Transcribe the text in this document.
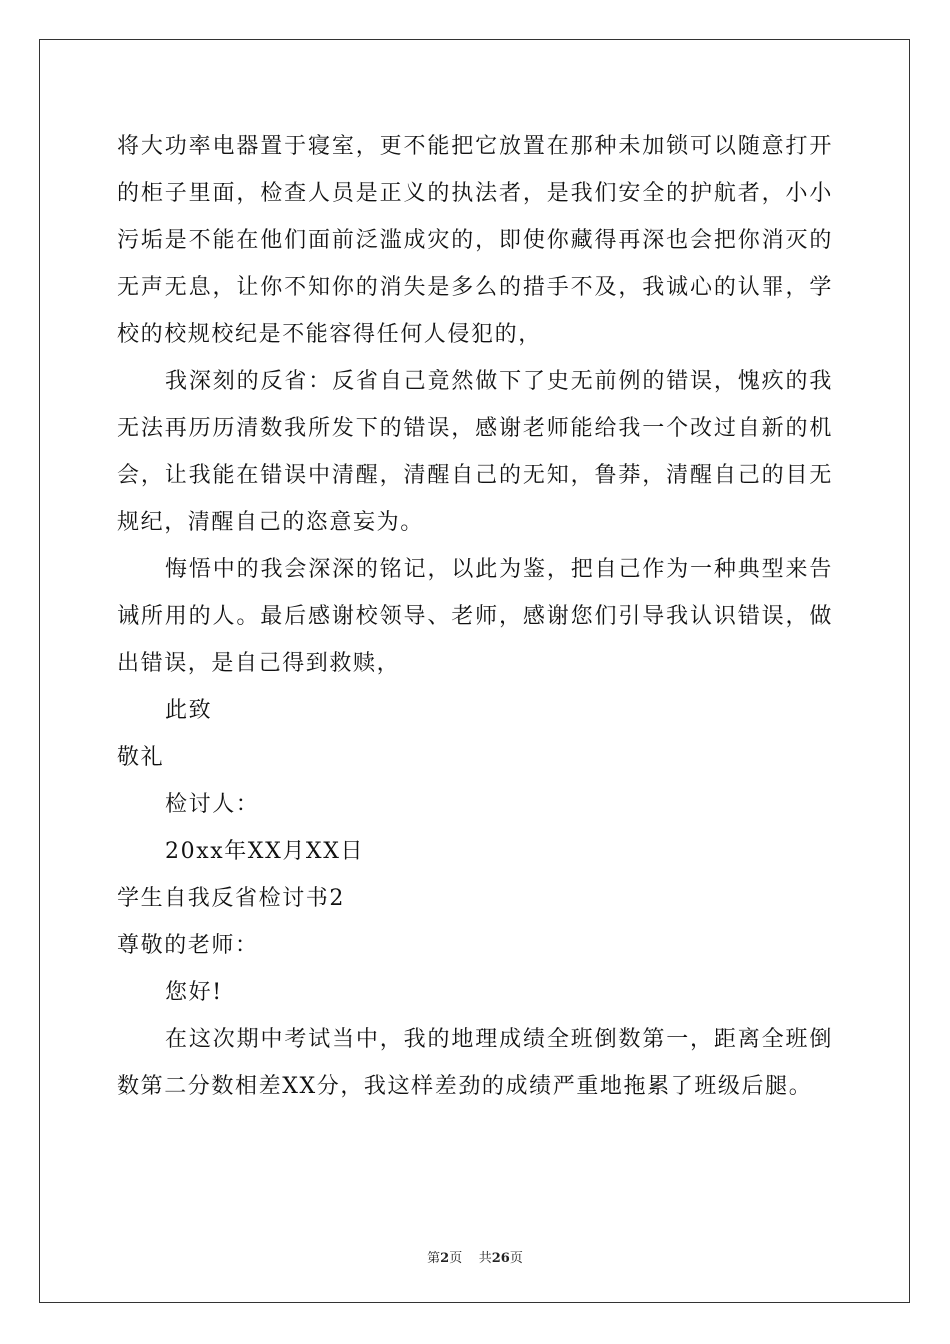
将大功率电器置于寝室，更不能把它放置在那种未加锁可以随意打开的柜子里面，检查人员是正义的执法者，是我们安全的护航者，小小污垢是不能在他们面前泛滥成灾的，即使你藏得再深也会把你消灭的无声无息，让你不知你的消失是多么的措手不及，我诚心的认罪，学校的校规校纪是不能容得任何人侵犯的，

我深刻的反省：反省自己竟然做下了史无前例的错误，愧疚的我无法再历历清数我所发下的错误，感谢老师能给我一个改过自新的机会，让我能在错误中清醒，清醒自己的无知，鲁莽，清醒自己的目无规纪，清醒自己的恣意妄为。

悔悟中的我会深深的铭记，以此为鉴，把自己作为一种典型来告诫所用的人。最后感谢校领导、老师，感谢您们引导我认识错误，做出错误，是自己得到救赎，

此致

敬礼

检讨人：

20xx年XX月XX日

学生自我反省检讨书2

尊敬的老师：

您好!

在这次期中考试当中，我的地理成绩全班倒数第一，距离全班倒数第二分数相差XX分，我这样差劲的成绩严重地拖累了班级后腿。

第2页 共26页
